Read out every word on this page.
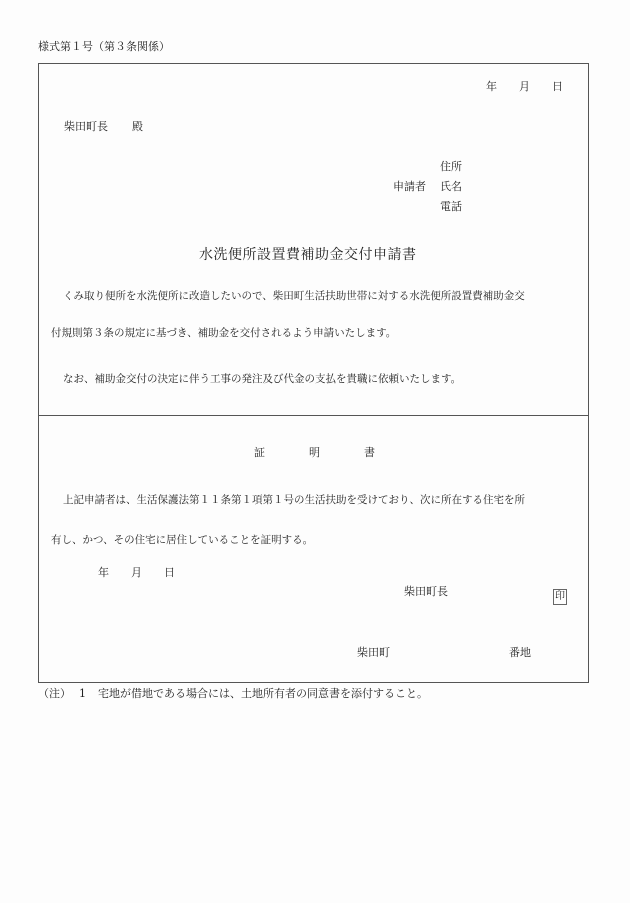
様式第１号（第３条関係）
年 月 日
柴田町長 殿
住所
申請者 氏名
電話
水洗便所設置費補助金交付申請書
くみ取り便所を水洗便所に改造したいので、柴田町生活扶助世帯に対する水洗便所設置費補助金交
付規則第３条の規定に基づき、補助金を交付されるよう申請いたします。
なお、補助金交付の決定に伴う工事の発注及び代金の支払を貴職に依頼いたします。
証	明	書
上記申請者は、生活保護法第１１条第１項第１号の生活扶助を受けており、次に所在する住宅を所
有し、かつ、その住宅に居住していることを証明する。
年 月 日
柴田町長	印
柴田町	番地
（注） 1 宅地が借地である場合には、土地所有者の同意書を添付すること。
